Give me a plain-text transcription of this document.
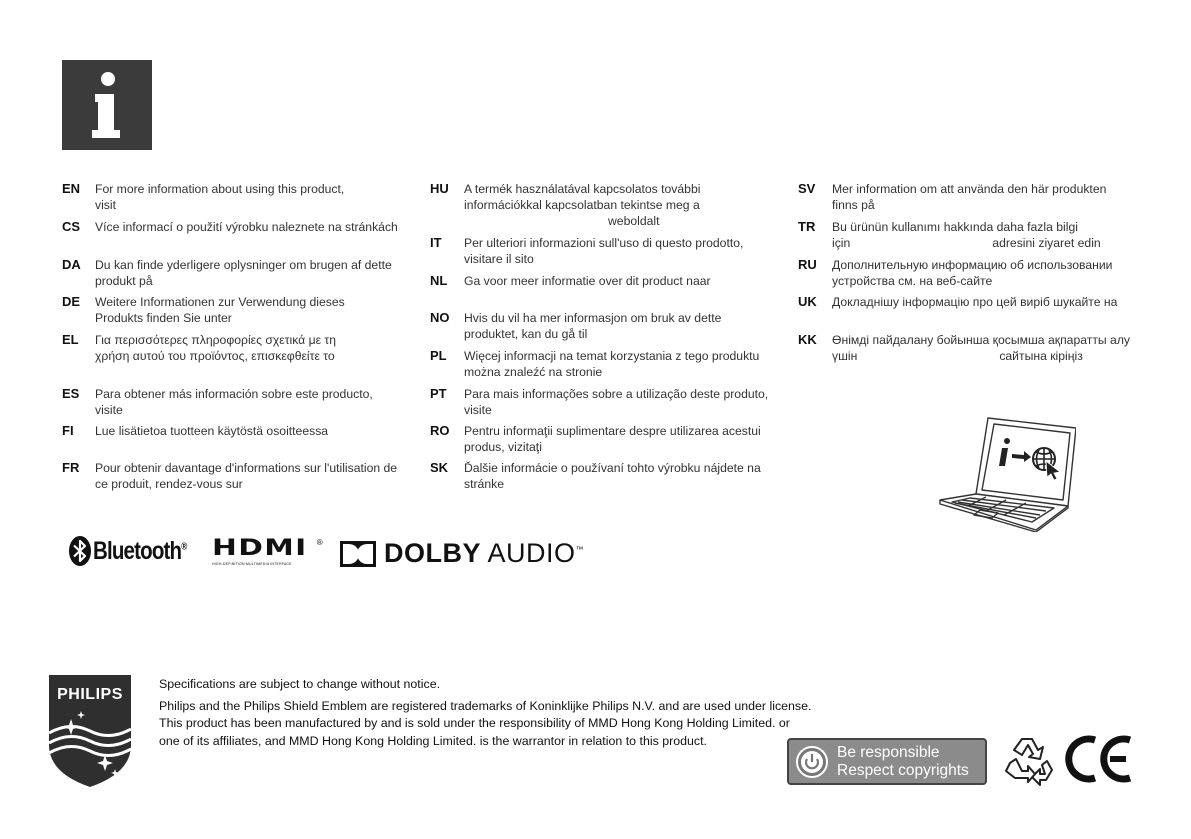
EN For more information about using this product,
visit
CS Více informací o použití výrobku naleznete na stránkách
DA Du kan finde yderligere oplysninger om brugen af dette
produkt på
DE Weitere Informationen zur Verwendung dieses
Produkts finden Sie unter
EL Για περισσότερες πληροφορίες σχετικά με τη
χρήση αυτού του προϊόντος, επισκεφθείτε το
ES Para obtener más información sobre este producto,
visite
FI Lue lisätietoa tuotteen käytöstä osoitteessa
FR Pour obtenir davantage d'informations sur l'utilisation de
ce produit, rendez-vous sur
HU A termék használatával kapcsolatos további
információkkal kapcsolatban tekintse meg a
weboldalt
IT Per ulteriori informazioni sull'uso di questo prodotto,
visitare il sito
NL Ga voor meer informatie over dit product naar
NO Hvis du vil ha mer informasjon om bruk av dette
produktet, kan du gå til
PL Więcej informacji na temat korzystania z tego produktu
można znaleźć na stronie
PT Para mais informações sobre a utilização deste produto,
visite
RO Pentru informaţii suplimentare despre utilizarea acestui
produs, vizitaţi
SK Ďalšie informácie o používaní tohto výrobku nájdete na
stránke
SV Mer information om att använda den här produkten
finns på
TR Bu ürünün kullanımı hakkında daha fazla bilgi
için	adresini ziyaret edin
RU Дополнительную информацию об использовании
устройства см. на веб-сайте
UK Докладнішу інформацію про цей виріб шукайте на
KK Өнімді пайдалану бойынша қосымша ақпаратты алу
үшін	сайтына кіріңіз
Bluetooth® HDMI ®
HIGH-DEFINITION MULTIMEDIA INTERFACE	DOLBY AUDIO™
PHILIPS
Specifications are subject to change without notice.
Philips and the Philips Shield Emblem are registered trademarks of Koninklijke Philips N.V. and are used under license.
This product has been manufactured by and is sold under the responsibility of MMD Hong Kong Holding Limited. or
one of its affiliates, and MMD Hong Kong Holding Limited. is the warrantor in relation to this product.
Be responsible
Respect copyrights
CE
